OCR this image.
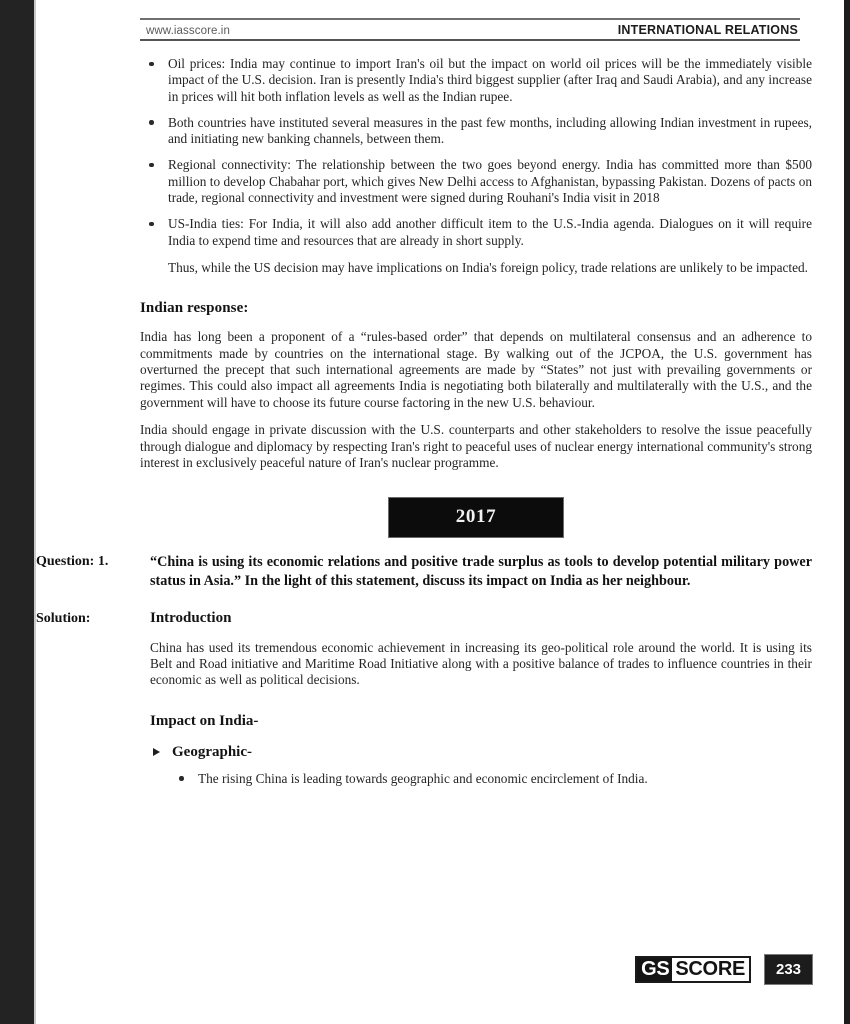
www.iasscore.in	INTERNATIONAL RELATIONS
Oil prices: India may continue to import Iran's oil but the impact on world oil prices will be the immediately visible impact of the U.S. decision. Iran is presently India's third biggest supplier (after Iraq and Saudi Arabia), and any increase in prices will hit both inflation levels as well as the Indian rupee.
Both countries have instituted several measures in the past few months, including allowing Indian investment in rupees, and initiating new banking channels, between them.
Regional connectivity: The relationship between the two goes beyond energy. India has committed more than $500 million to develop Chabahar port, which gives New Delhi access to Afghanistan, bypassing Pakistan. Dozens of pacts on trade, regional connectivity and investment were signed during Rouhani's India visit in 2018
US-India ties: For India, it will also add another difficult item to the U.S.-India agenda. Dialogues on it will require India to expend time and resources that are already in short supply.

Thus, while the US decision may have implications on India's foreign policy, trade relations are unlikely to be impacted.

Indian response:

India has long been a proponent of a “rules-based order” that depends on multilateral consensus and an adherence to commitments made by countries on the international stage. By walking out of the JCPOA, the U.S. government has overturned the precept that such international agreements are made by “States” not just with prevailing governments or regimes. This could also impact all agreements India is negotiating both bilaterally and multilaterally with the U.S., and the government will have to choose its future course factoring in the new U.S. behaviour.

India should engage in private discussion with the U.S. counterparts and other stakeholders to resolve the issue peacefully through dialogue and diplomacy by respecting Iran's right to peaceful uses of nuclear energy international community's strong interest in exclusively peaceful nature of Iran's nuclear programme.

2017
Question: 1.	“China is using its economic relations and positive trade surplus as tools to develop potential military power status in Asia.” In the light of this statement, discuss its impact on India as her neighbour.
Solution:	Introduction

China has used its tremendous economic achievement in increasing its geo-political role around the world. It is using its Belt and Road initiative and Maritime Road Initiative along with a positive balance of trades to influence countries in their economic as well as political decisions.

Impact on India-
Geographic-
The rising China is leading towards geographic and economic encirclement of India.
GS SCORE	233
